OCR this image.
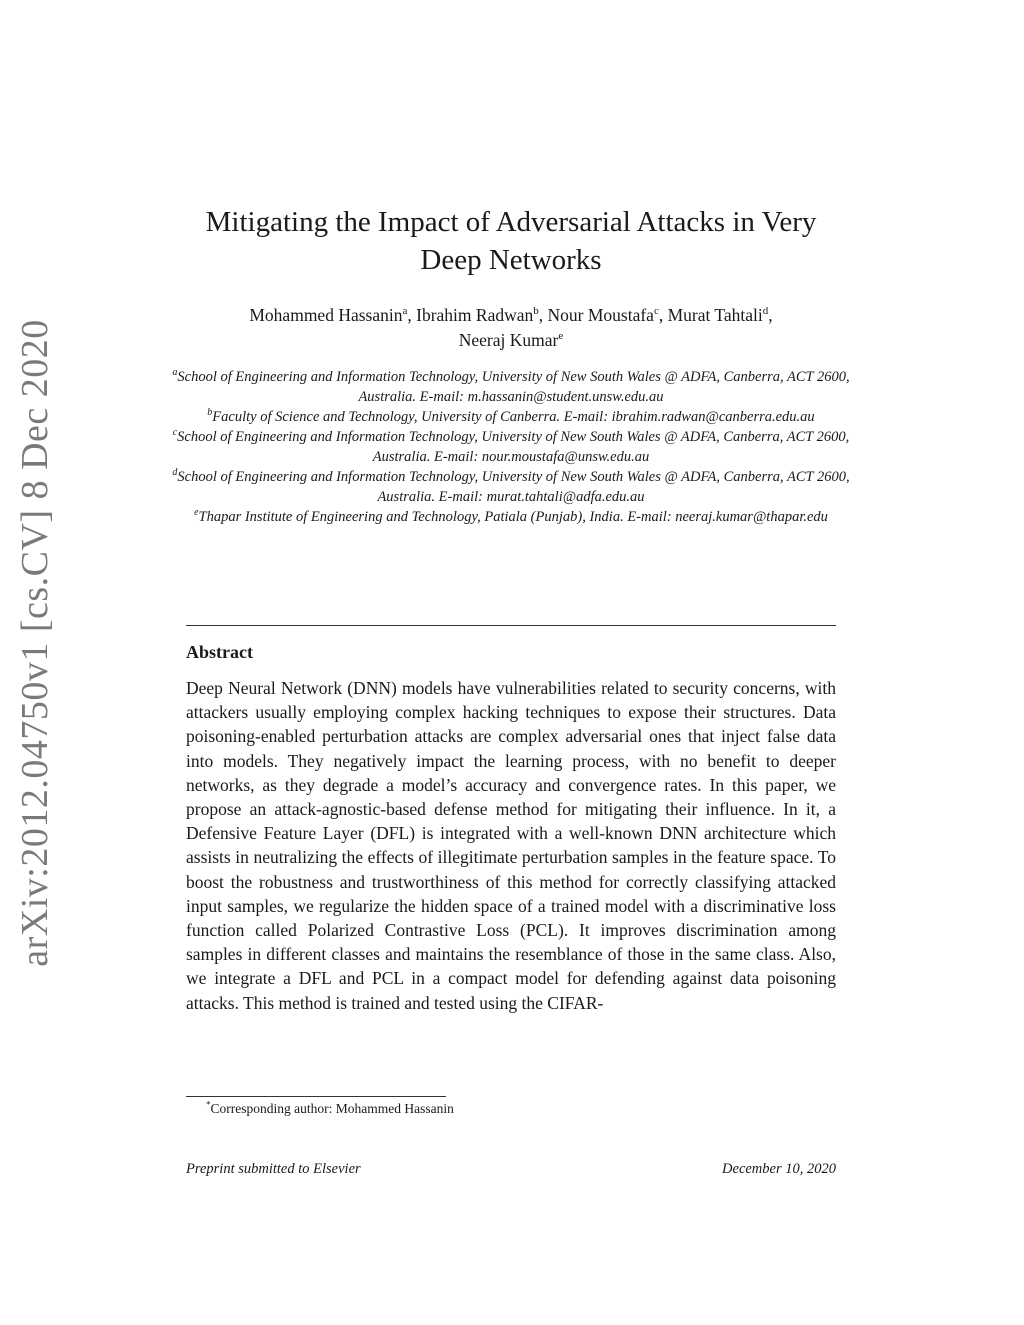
arXiv:2012.04750v1 [cs.CV] 8 Dec 2020
Mitigating the Impact of Adversarial Attacks in Very Deep Networks
Mohammed Hassanin$^a$, Ibrahim Radwan$^b$, Nour Moustafa$^c$, Murat Tahtali$^d$,
Neeraj Kumar$^e$
$^a$School of Engineering and Information Technology, University of New South Wales @ ADFA, Canberra, ACT 2600, Australia. E-mail: m.hassanin@student.unsw.edu.au
$^b$Faculty of Science and Technology, University of Canberra. E-mail: ibrahim.radwan@canberra.edu.au
$^c$School of Engineering and Information Technology, University of New South Wales @ ADFA, Canberra, ACT 2600, Australia. E-mail: nour.moustafa@unsw.edu.au
$^d$School of Engineering and Information Technology, University of New South Wales @ ADFA, Canberra, ACT 2600, Australia. E-mail: murat.tahtali@adfa.edu.au
$^e$Thapar Institute of Engineering and Technology, Patiala (Punjab), India. E-mail: neeraj.kumar@thapar.edu
Abstract

Deep Neural Network (DNN) models have vulnerabilities related to security concerns, with attackers usually employing complex hacking techniques to expose their structures. Data poisoning-enabled perturbation attacks are complex adversarial ones that inject false data into models. They negatively impact the learning process, with no benefit to deeper networks, as they degrade a model’s accuracy and convergence rates. In this paper, we propose an attack-agnostic-based defense method for mitigating their influence. In it, a Defensive Feature Layer (DFL) is integrated with a well-known DNN architecture which assists in neutralizing the effects of illegitimate perturbation samples in the feature space. To boost the robustness and trustworthiness of this method for correctly classifying attacked input samples, we regularize the hidden space of a trained model with a discriminative loss function called Polarized Contrastive Loss (PCL). It improves discrimination among samples in different classes and maintains the resemblance of those in the same class. Also, we integrate a DFL and PCL in a compact model for defending against data poisoning attacks. This method is trained and tested using the CIFAR-

*Corresponding author: Mohammed Hassanin
Preprint submitted to Elsevier	December 10, 2020
